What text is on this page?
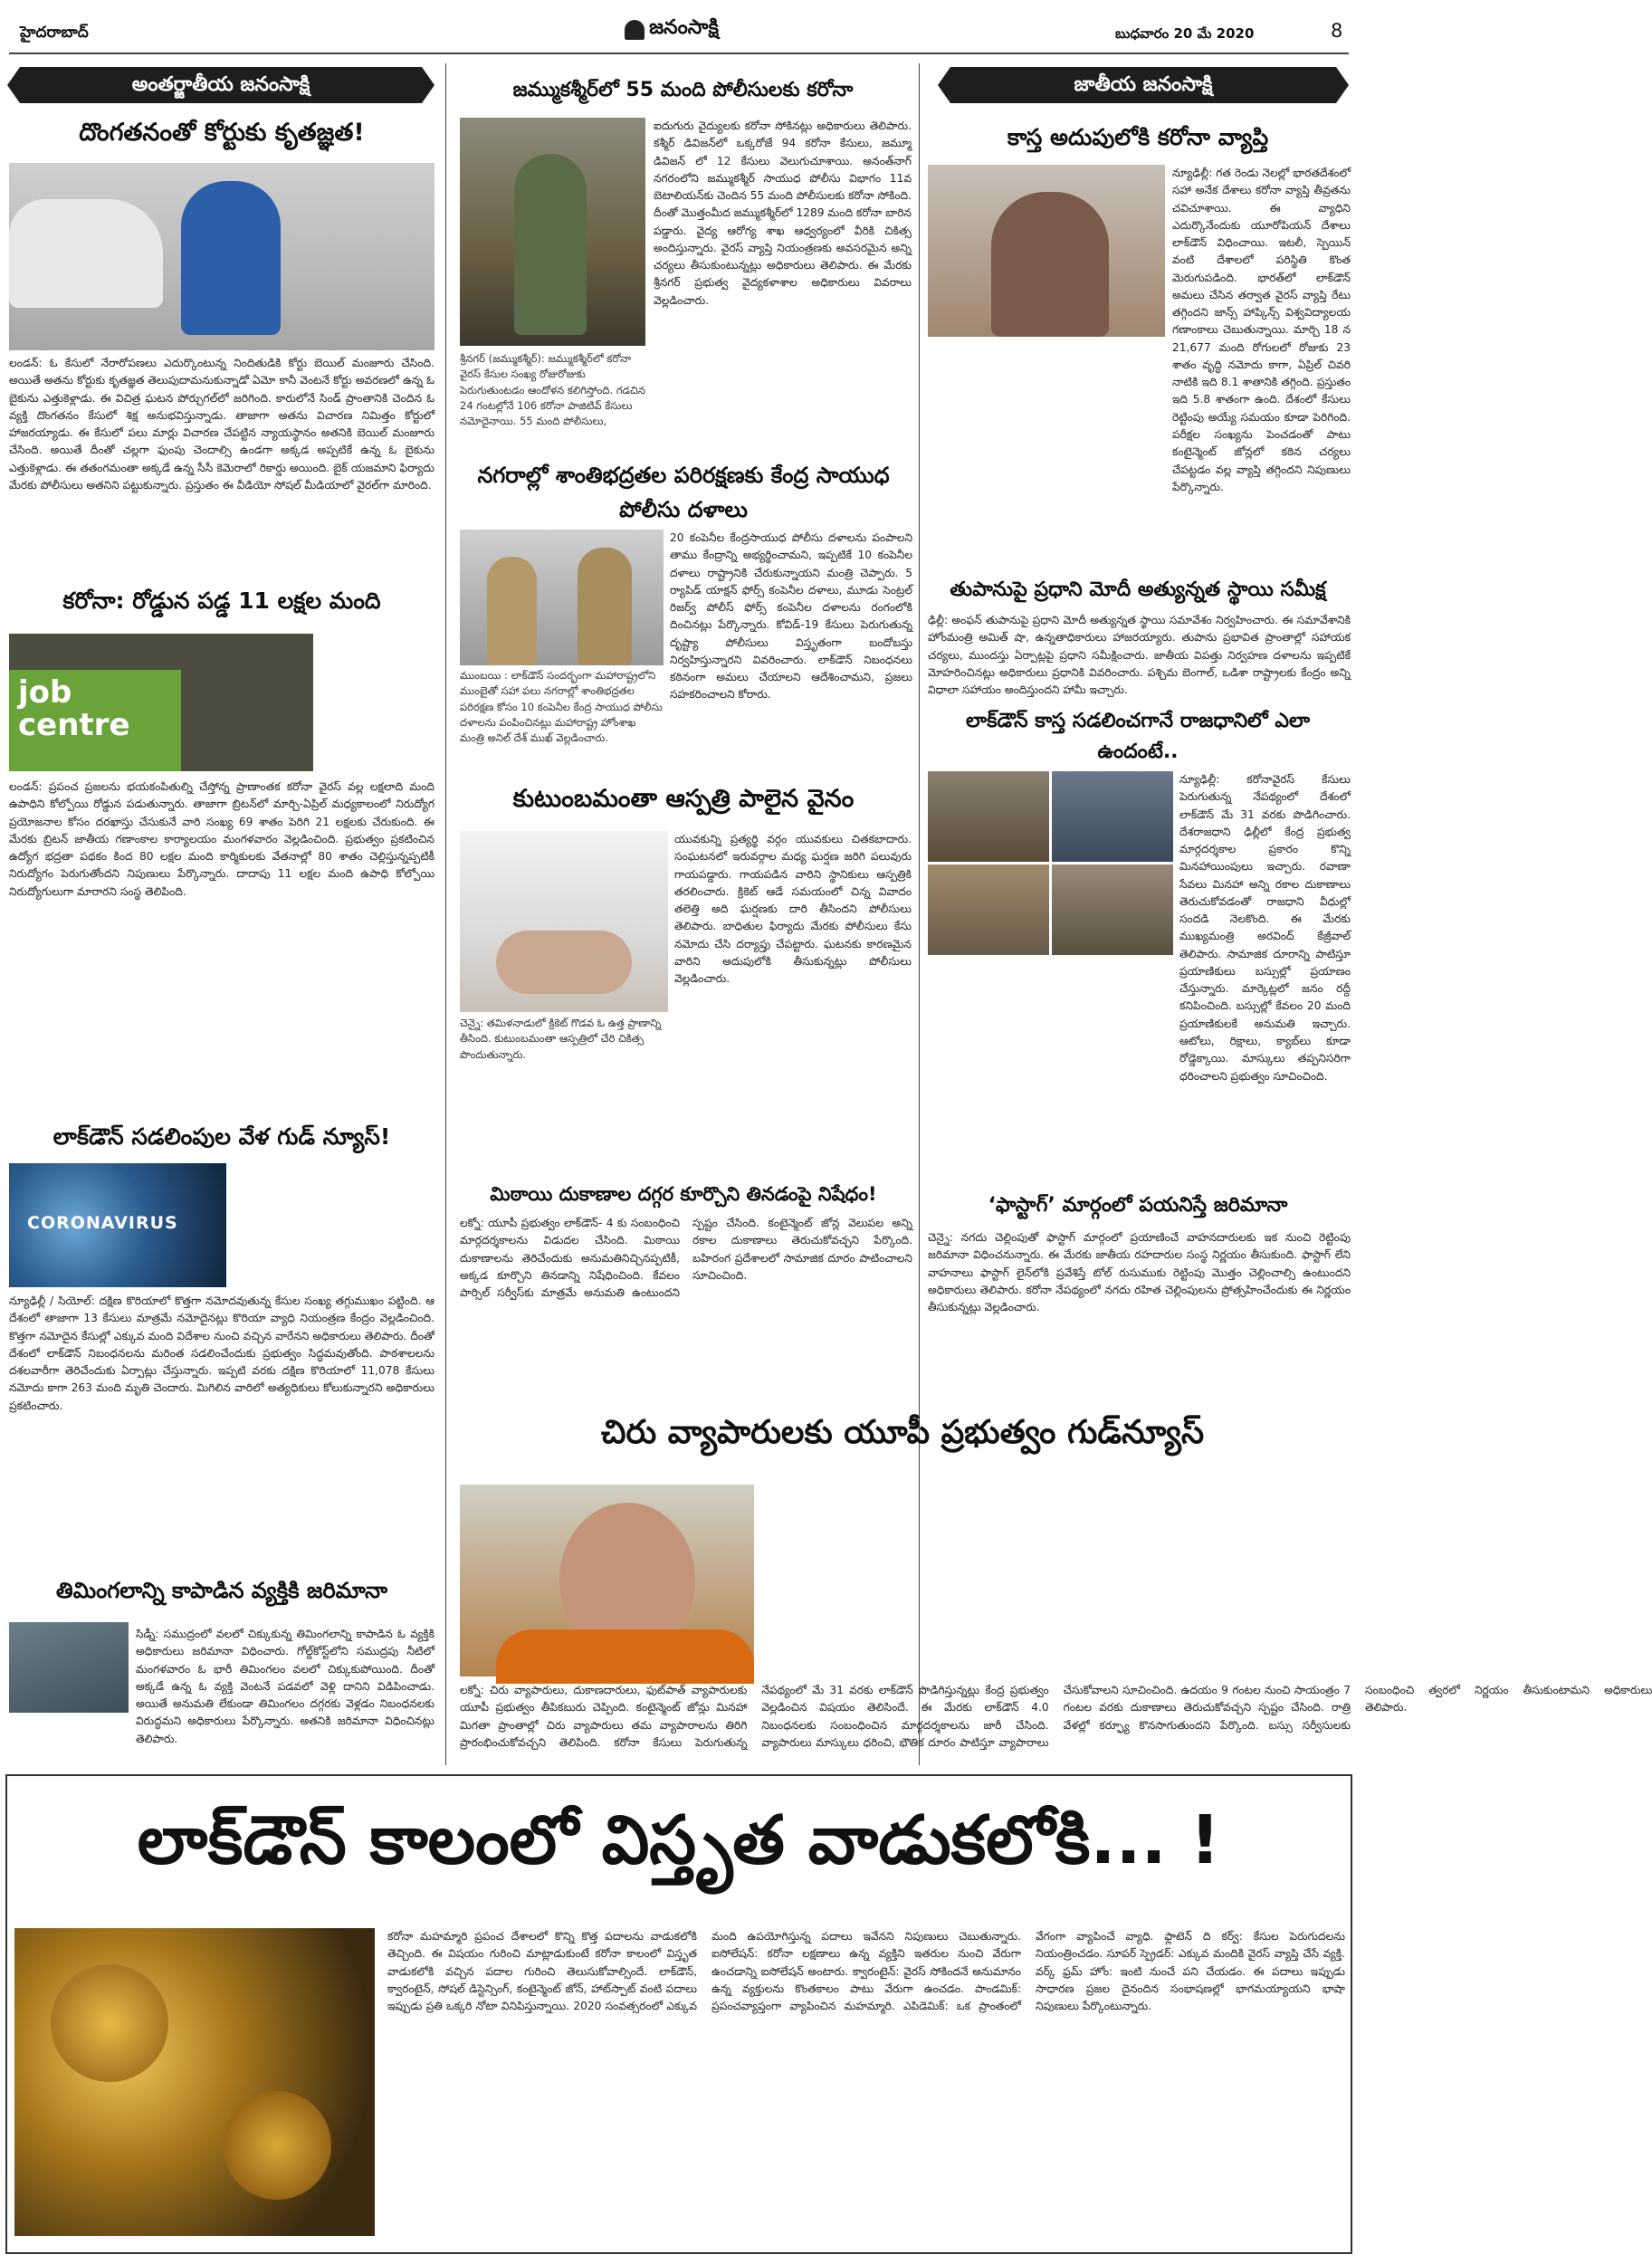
హైదరాబాద్	జనంసాక్షి	బుధవారం 20 మే 2020	8
అంతర్జాతీయ జనంసాక్షి	జాతీయ జనంసాక్షి
దొంగతనంతో కోర్టుకు కృతజ్ఞత!
లండన్‌: ఓ కేసులో నేరారోపణలు ఎదుర్కొంటున్న నిందితుడికి కోర్టు బెయిల్‌ మంజూరు చేసింది. అయితే అతను కోర్టుకు కృతజ్ఞత తెలుపుదామనుకున్నాడో ఏమో కానీ వెంటనే కోర్టు అవరణలో ఉన్న ఓ బైకును ఎత్తుకెళ్లాడు. ఈ విచిత్ర ఘటన పోర్చుగల్‌లో జరిగింది. కారులోనే సిండ్‌ ప్రాంతానికి చెందిన ఓ వ్యక్తి దొంగతనం కేసులో శిక్ష అనుభవిస్తున్నాడు. తాజాగా అతను విచారణ నిమిత్తం కోర్టులో హాజరయ్యాడు. ఈ కేసులో పలు మార్లు విచారణ చేపట్టిన న్యాయస్థానం అతనికి బెయిల్‌ మంజూరు చేసింది. అయితే దీంతో చల్లగా ఫుంపు చెందాల్సి ఉండగా అక్కడ అప్పటికే ఉన్న ఓ బైకును ఎత్తుకెళ్లాడు. ఈ తతంగమంతా అక్కడే ఉన్న సీసీ కెమెరాలో రికార్డు అయింది. బైక్‌ యజమాని ఫిర్యాదు మేరకు పోలీసులు అతనిని పట్టుకున్నారు. ప్రస్తుతం ఈ వీడియో సోషల్‌ మీడియాలో వైరల్‌గా మారింది.
కరోనా: రోడ్డున పడ్డ 11 లక్షల మంది
job
centre
లండన్‌: ప్రపంచ ప్రజలను భయకంపితుల్ని చేస్తోన్న ప్రాణాంతక కరోనా వైరస్‌ వల్ల లక్షలాది మంది ఉపాధిని కోల్పోయి రోడ్డున పడుతున్నారు. తాజాగా బ్రిటన్‌లో మార్చి-ఏప్రిల్‌ మధ్యకాలంలో నిరుద్యోగ ప్రయోజనాల కోసం దరఖాస్తు చేసుకునే వారి సంఖ్య 69 శాతం పెరిగి 21 లక్షలకు చేరుకుంది. ఈ మేరకు బ్రిటన్‌ జాతీయ గణాంకాల కార్యాలయం మంగళవారం వెల్లడించింది. ప్రభుత్వం ప్రకటించిన ఉద్యోగ భద్రతా పథకం కింద 80 లక్షల మంది కార్మికులకు వేతనాల్లో 80 శాతం చెల్లిస్తున్నప్పటికీ నిరుద్యోగం పెరుగుతోందని నిపుణులు పేర్కొన్నారు. దాదాపు 11 లక్షల మంది ఉపాధి కోల్పోయి నిరుద్యోగులుగా మారారని సంస్థ తెలిపింది.
లాక్‌డౌన్‌ సడలింపుల వేళ గుడ్‌ న్యూస్‌!
CORONAVIRUS
న్యూఢిల్లీ / సియోల్‌: దక్షిణ కొరియాలో కొత్తగా నమోదవుతున్న కేసుల సంఖ్య తగ్గుముఖం పట్టింది. ఆ దేశంలో తాజాగా 13 కేసులు మాత్రమే నమోదైనట్లు కొరియా వ్యాధి నియంత్రణ కేంద్రం వెల్లడించింది. కొత్తగా నమోదైన కేసుల్లో ఎక్కువ మంది విదేశాల నుంచి వచ్చిన వారేనని అధికారులు తెలిపారు. దీంతో దేశంలో లాక్‌డౌన్‌ నిబంధనలను మరింత సడలించేందుకు ప్రభుత్వం సిద్ధమవుతోంది. పాఠశాలలను దశలవారీగా తెరిచేందుకు ఏర్పాట్లు చేస్తున్నారు. ఇప్పటి వరకు దక్షిణ కొరియాలో 11,078 కేసులు నమోదు కాగా 263 మంది మృతి చెందారు. మిగిలిన వారిలో అత్యధికులు కోలుకున్నారని అధికారులు ప్రకటించారు.
తిమింగలాన్ని కాపాడిన వ్యక్తికి జరిమానా
సిడ్నీ: సముద్రంలో వలలో చిక్కుకున్న తిమింగలాన్ని కాపాడిన ఓ వ్యక్తికి అధికారులు జరిమానా విధించారు. గోల్డ్‌కోస్ట్‌లోని సముద్రపు నీటిలో మంగళవారం ఓ భారీ తిమింగలం వలలో చిక్కుకుపోయింది. దీంతో అక్కడే ఉన్న ఓ వ్యక్తి వెంటనే పడవలో వెళ్లి దానిని విడిపించాడు. అయితే అనుమతి లేకుండా తిమింగలం దగ్గరకు వెళ్లడం నిబంధనలకు విరుద్ధమని అధికారులు పేర్కొన్నారు. అతనికి జరిమానా విధించినట్లు తెలిపారు.
జమ్ముకశ్మీర్‌లో 55 మంది పోలీసులకు కరోనా
శ్రీనగర్‌ (జమ్ముకశ్మీర్‌): జమ్ముకశ్మీర్‌లో కరోనా వైరస్‌ కేసుల సంఖ్య రోజురోజుకు పెరుగుతుంటడం ఆందోళన కలిగిస్తోంది. గడచిన 24 గంటల్లోనే 106 కరోనా పాజిటివ్‌ కేసులు నమోదైనాయి. 55 మంది పోలీసులు,
ఐదుగురు వైద్యులకు కరోనా సోకినట్లు అధికారులు తెలిపారు. కశ్మీర్‌ డివిజన్‌లో ఒక్కరోజే 94 కరోనా కేసులు, జమ్మూ డివిజన్‌ లో 12 కేసులు వెలుగుచూశాయి. అనంత్‌నాగ్‌ నగరంలోని జమ్ముకశ్మీర్‌ సాయుధ పోలీసు విభాగం 11వ బెటాలియన్‌కు చెందిన 55 మంది పోలీసులకు కరోనా సోకింది. దీంతో మొత్తంమీద జమ్ముకశ్మీర్‌లో 1289 మంది కరోనా బారిన పడ్డారు. వైద్య ఆరోగ్య శాఖ ఆధ్వర్యంలో వీరికి చికిత్స అందిస్తున్నారు. వైరస్‌ వ్యాప్తి నియంత్రణకు అవసరమైన అన్ని చర్యలు తీసుకుంటున్నట్లు అధికారులు తెలిపారు. ఈ మేరకు శ్రీనగర్‌ ప్రభుత్వ వైద్యకళాశాల అధికారులు వివరాలు వెల్లడించారు.
నగరాల్లో శాంతిభద్రతల పరిరక్షణకు కేంద్ర సాయుధ పోలీసు దళాలు
ముంబయి : లాక్‌డౌన్‌ సందర్భంగా మహారాష్ట్రలోని ముంబైతో సహా పలు నగరాల్లో శాంతిభద్రతల పరిరక్షణ కోసం 10 కంపెనీల కేంద్ర సాయుధ పోలీసు దళాలను పంపించినట్లు మహారాష్ట్ర హోంశాఖ మంత్రి అనిల్‌ దేశ్‌ ముఖ్‌ వెల్లడించారు.
20 కంపెనీల కేంద్రసాయుధ పోలీసు దళాలను పంపాలని తాము కేంద్రాన్ని అభ్యర్థించామని, ఇప్పటికే 10 కంపెనీల దళాలు రాష్ట్రానికి చేరుకున్నాయని మంత్రి చెప్పారు. 5 ర్యాపిడ్‌ యాక్షన్‌ ఫోర్స్‌ కంపెనీల దళాలు, మూడు సెంట్రల్‌ రిజర్వ్‌ పోలీస్‌ ఫోర్స్‌ కంపెనీల దళాలను రంగంలోకి దించినట్లు పేర్కొన్నారు. కోవిడ్‌-19 కేసులు పెరుగుతున్న దృష్ట్యా పోలీసులు విస్తృతంగా బందోబస్తు నిర్వహిస్తున్నారని వివరించారు. లాక్‌డౌన్‌ నిబంధనలు కఠినంగా అమలు చేయాలని ఆదేశించామని, ప్రజలు సహకరించాలని కోరారు.
కుటుంబమంతా ఆస్పత్రి పాలైన వైనం
చెన్నై: తమిళనాడులో క్రికెట్‌ గొడవ ఓ ఉత్త ప్రాణాన్ని తీసింది. కుటుంబమంతా ఆస్పత్రిలో చేరి చికిత్స పొందుతున్నారు.
యువకున్ని ప్రత్యర్థి వర్గం యువకులు చితకబాదారు. సంఘటనలో ఇరువర్గాల మధ్య ఘర్షణ జరిగి పలువురు గాయపడ్డారు. గాయపడిన వారిని స్థానికులు ఆస్పత్రికి తరలించారు. క్రికెట్‌ ఆడే సమయంలో చిన్న వివాదం తలెత్తి అది ఘర్షణకు దారి తీసిందని పోలీసులు తెలిపారు. బాధితుల ఫిర్యాదు మేరకు పోలీసులు కేసు నమోదు చేసి దర్యాప్తు చేపట్టారు. ఘటనకు కారణమైన వారిని అదుపులోకి తీసుకున్నట్లు పోలీసులు వెల్లడించారు.
మిఠాయి దుకాణాల దగ్గర కూర్చొని తినడంపై నిషేధం!
లక్నో: యూపీ ప్రభుత్వం లాక్‌డౌన్‌- 4 కు సంబంధించి మార్గదర్శకాలను విడుదల చేసింది. మిఠాయి దుకాణాలను తెరిచేందుకు అనుమతినిచ్చినప్పటికీ, అక్కడ కూర్చొని తినడాన్ని నిషేధించింది. కేవలం పార్సిల్‌ సర్వీస్‌కు మాత్రమే అనుమతి ఉంటుందని స్పష్టం చేసింది. కంటైన్మెంట్‌ జోన్ల వెలుపల అన్ని రకాల దుకాణాలు తెరుచుకోవచ్చని పేర్కొంది. బహిరంగ ప్రదేశాలలో సామాజిక దూరం పాటించాలని సూచించింది.
చిరు వ్యాపారులకు యూపీ ప్రభుత్వం గుడ్‌న్యూస్‌
లక్నో: చిరు వ్యాపారులు, దుకాణదారులు, ఫుట్‌పాత్‌ వ్యాపారులకు యూపీ ప్రభుత్వం తీపికబురు చెప్పింది. కంటైన్మెంట్‌ జోన్లు మినహా మిగతా ప్రాంతాల్లో చిరు వ్యాపారులు తమ వ్యాపారాలను తిరిగి ప్రారంభించుకోవచ్చని తెలిపింది. కరోనా కేసులు పెరుగుతున్న నేపథ్యంలో మే 31 వరకు లాక్‌డౌన్‌ పొడిగిస్తున్నట్లు కేంద్ర ప్రభుత్వం వెల్లడించిన విషయం తెలిసిందే. ఈ మేరకు లాక్‌డౌన్‌ 4.0 నిబంధనలకు సంబంధించిన మార్గదర్శకాలను జారీ చేసింది. వ్యాపారులు మాస్కులు ధరించి, భౌతిక దూరం పాటిస్తూ వ్యాపారాలు చేసుకోవాలని సూచించింది. ఉదయం 9 గంటల నుంచి సాయంత్రం 7 గంటల వరకు దుకాణాలు తెరుచుకోవచ్చని స్పష్టం చేసింది. రాత్రి వేళల్లో కర్ఫ్యూ కొనసాగుతుందని పేర్కొంది. బస్సు సర్వీసులకు సంబంధించి త్వరలో నిర్ణయం తీసుకుంటామని అధికారులు తెలిపారు.
కాస్త అదుపులోకి కరోనా వ్యాప్తి
న్యూఢిల్లీ: గత రెండు నెలల్లో భారతదేశంలో సహా అనేక దేశాలు కరోనా వ్యాప్తి తీవ్రతను చవిచూశాయి. ఈ వ్యాధిని ఎదుర్కొనేందుకు యూరోపియన్‌ దేశాలు లాక్‌డౌన్‌ విధించాయి. ఇటలీ, స్పెయిన్‌ వంటి దేశాలలో పరిస్థితి కొంత మెరుగుపడింది. భారత్‌లో లాక్‌డౌన్‌ అమలు చేసిన తర్వాత వైరస్‌ వ్యాప్తి రేటు తగ్గిందని జాన్స్‌ హాప్కిన్స్‌ విశ్వవిద్యాలయ గణాంకాలు చెబుతున్నాయి. మార్చి 18 న 21,677 మంది రోగులలో రోజుకు 23 శాతం వృద్ధి నమోదు కాగా, ఏప్రిల్‌ చివరి నాటికి ఇది 8.1 శాతానికి తగ్గింది. ప్రస్తుతం ఇది 5.8 శాతంగా ఉంది. దేశంలో కేసులు రెట్టింపు అయ్యే సమయం కూడా పెరిగింది. పరీక్షల సంఖ్యను పెంచడంతో పాటు కంటైన్మెంట్‌ జోన్లలో కఠిన చర్యలు చేపట్టడం వల్ల వ్యాప్తి తగ్గిందని నిపుణులు పేర్కొన్నారు.
తుపానుపై ప్రధాని మోదీ అత్యున్నత స్థాయి సమీక్ష
ఢిల్లీ: అంఫన్‌ తుపానుపై ప్రధాని మోదీ అత్యున్నత స్థాయి సమావేశం నిర్వహించారు. ఈ సమావేశానికి హోంమంత్రి అమిత్‌ షా, ఉన్నతాధికారులు హాజరయ్యారు. తుపాను ప్రభావిత ప్రాంతాల్లో సహాయక చర్యలు, ముందస్తు ఏర్పాట్లపై ప్రధాని సమీక్షించారు. జాతీయ విపత్తు నిర్వహణ దళాలను ఇప్పటికే మోహరించినట్లు అధికారులు ప్రధానికి వివరించారు. పశ్చిమ బెంగాల్‌, ఒడిశా రాష్ట్రాలకు కేంద్రం అన్ని విధాలా సహాయం అందిస్తుందని హామీ ఇచ్చారు.
లాక్‌డౌన్‌ కాస్త సడలించగానే రాజధానిలో ఎలా ఉందంటే..
న్యూఢిల్లీ: కరోనావైరస్‌ కేసులు పెరుగుతున్న నేపథ్యంలో దేశంలో లాక్‌డౌన్‌ మే 31 వరకు పొడిగించారు. దేశరాజధాని ఢిల్లీలో కేంద్ర ప్రభుత్వ మార్గదర్శకాల ప్రకారం కొన్ని మినహాయింపులు ఇచ్చారు. రవాణా సేవలు మినహా అన్ని రకాల దుకాణాలు తెరుచుకోవడంతో రాజధాని వీధుల్లో సందడి నెలకొంది. ఈ మేరకు ముఖ్యమంత్రి అరవింద్‌ కేజ్రీవాల్‌ తెలిపారు. సామాజిక దూరాన్ని పాటిస్తూ ప్రయాణికులు బస్సుల్లో ప్రయాణం చేస్తున్నారు. మార్కెట్లలో జనం రద్దీ కనిపించింది. బస్సుల్లో కేవలం 20 మంది ప్రయాణికులకే అనుమతి ఇచ్చారు. ఆటోలు, రిక్షాలు, క్యాబ్‌లు కూడా రోడ్డెక్కాయి. మాస్కులు తప్పనిసరిగా ధరించాలని ప్రభుత్వం సూచించింది.
‘ఫాస్టాగ్‌’ మార్గంలో పయనిస్తే జరిమానా
చెన్నై: నగదు చెల్లింపుతో ఫాస్టాగ్‌ మార్గంలో ప్రయాణించే వాహనదారులకు ఇక నుంచి రెట్టింపు జరిమానా విధించనున్నారు. ఈ మేరకు జాతీయ రహదారుల సంస్థ నిర్ణయం తీసుకుంది. ఫాస్టాగ్‌ లేని వాహనాలు ఫాస్టాగ్‌ లైన్‌లోకి ప్రవేశిస్తే టోల్‌ రుసుముకు రెట్టింపు మొత్తం చెల్లించాల్సి ఉంటుందని అధికారులు తెలిపారు. కరోనా నేపథ్యంలో నగదు రహిత చెల్లింపులను ప్రోత్సహించేందుకు ఈ నిర్ణయం తీసుకున్నట్లు వెల్లడించారు.
లాక్‌డౌన్‌ కాలంలో విస్తృత వాడుకలోకి... !
కరోనా మహమ్మారి ప్రపంచ దేశాలలో కొన్ని కొత్త పదాలను వాడుకలోకి తెచ్చింది. ఈ విషయం గురించి మాట్లాడుకుంటే కరోనా కాలంలో విస్తృత వాడుకలోకి వచ్చిన పదాల గురించి తెలుసుకోవాల్సిందే. లాక్‌డౌన్‌, క్వారంటైన్‌, సోషల్‌ డిస్టెన్సింగ్‌, కంటైన్మెంట్‌ జోన్‌, హాట్‌స్పాట్‌ వంటి పదాలు ఇప్పుడు ప్రతి ఒక్కరి నోటా వినిపిస్తున్నాయి. 2020 సంవత్సరంలో ఎక్కువ మంది ఉపయోగిస్తున్న పదాలు ఇవేనని నిపుణులు చెబుతున్నారు. ఐసోలేషన్‌: కరోనా లక్షణాలు ఉన్న వ్యక్తిని ఇతరుల నుంచి వేరుగా ఉంచడాన్ని ఐసోలేషన్‌ అంటారు. క్వారంటైన్‌: వైరస్‌ సోకిందనే అనుమానం ఉన్న వ్యక్తులను కొంతకాలం పాటు వేరుగా ఉంచడం. పాండమిక్‌: ప్రపంచవ్యాప్తంగా వ్యాపించిన మహమ్మారి. ఎపిడెమిక్‌: ఒక ప్రాంతంలో వేగంగా వ్యాపించే వ్యాధి. ఫ్లాటెన్‌ ది కర్వ్‌: కేసుల పెరుగుదలను నియంత్రించడం. సూపర్‌ స్ప్రెడర్‌: ఎక్కువ మందికి వైరస్‌ వ్యాప్తి చేసే వ్యక్తి. వర్క్‌ ఫ్రమ్‌ హోం: ఇంటి నుంచే పని చేయడం. ఈ పదాలు ఇప్పుడు సాధారణ ప్రజల దైనందిన సంభాషణల్లో భాగమయ్యాయని భాషా నిపుణులు పేర్కొంటున్నారు.
